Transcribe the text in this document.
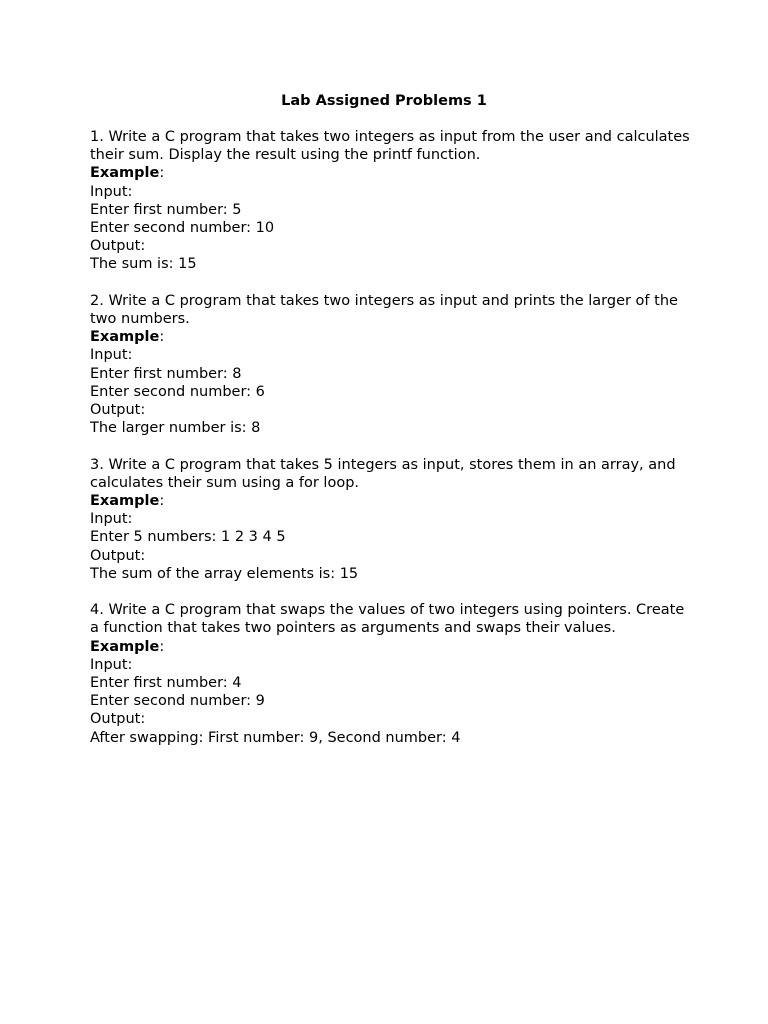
Lab Assigned Problems 1
1. Write a C program that takes two integers as input from the user and calculates their sum. Display the result using the printf function.
Example:
Input:
Enter first number: 5
Enter second number: 10
Output:
The sum is: 15
2. Write a C program that takes two integers as input and prints the larger of the two numbers.
Example:
Input:
Enter first number: 8
Enter second number: 6
Output:
The larger number is: 8
3. Write a C program that takes 5 integers as input, stores them in an array, and calculates their sum using a for loop.
Example:
Input:
Enter 5 numbers: 1 2 3 4 5
Output:
The sum of the array elements is: 15
4. Write a C program that swaps the values of two integers using pointers. Create a function that takes two pointers as arguments and swaps their values.
Example:
Input:
Enter first number: 4
Enter second number: 9
Output:
After swapping: First number: 9, Second number: 4
